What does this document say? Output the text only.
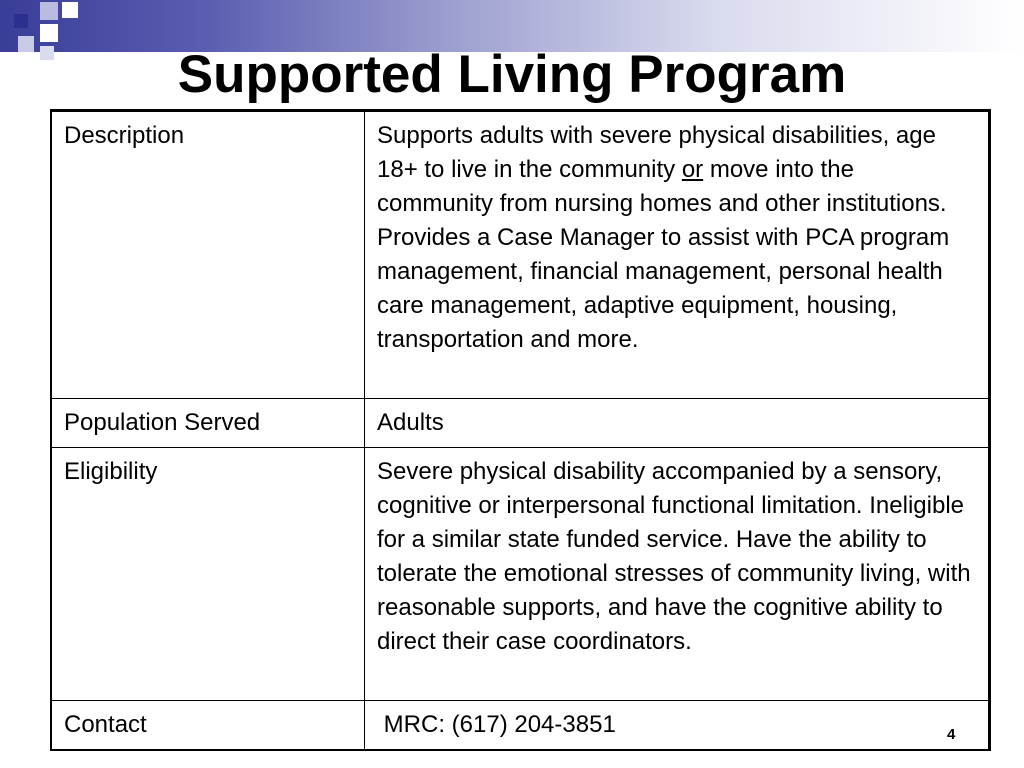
Supported Living Program
Description	Supports adults with severe physical disabilities, age 18+ to live in the community or move into the community from nursing homes and other institutions. Provides a Case Manager to assist with PCA program management, financial management, personal health care management, adaptive equipment, housing, transportation and more.
Population Served	Adults
Eligibility	Severe physical disability accompanied by a sensory, cognitive or interpersonal functional limitation. Ineligible for a similar state funded service. Have the ability to tolerate the emotional stresses of community living, with reasonable supports, and have the cognitive ability to direct their case coordinators.
Contact	MRC: (617) 204-3851	4
